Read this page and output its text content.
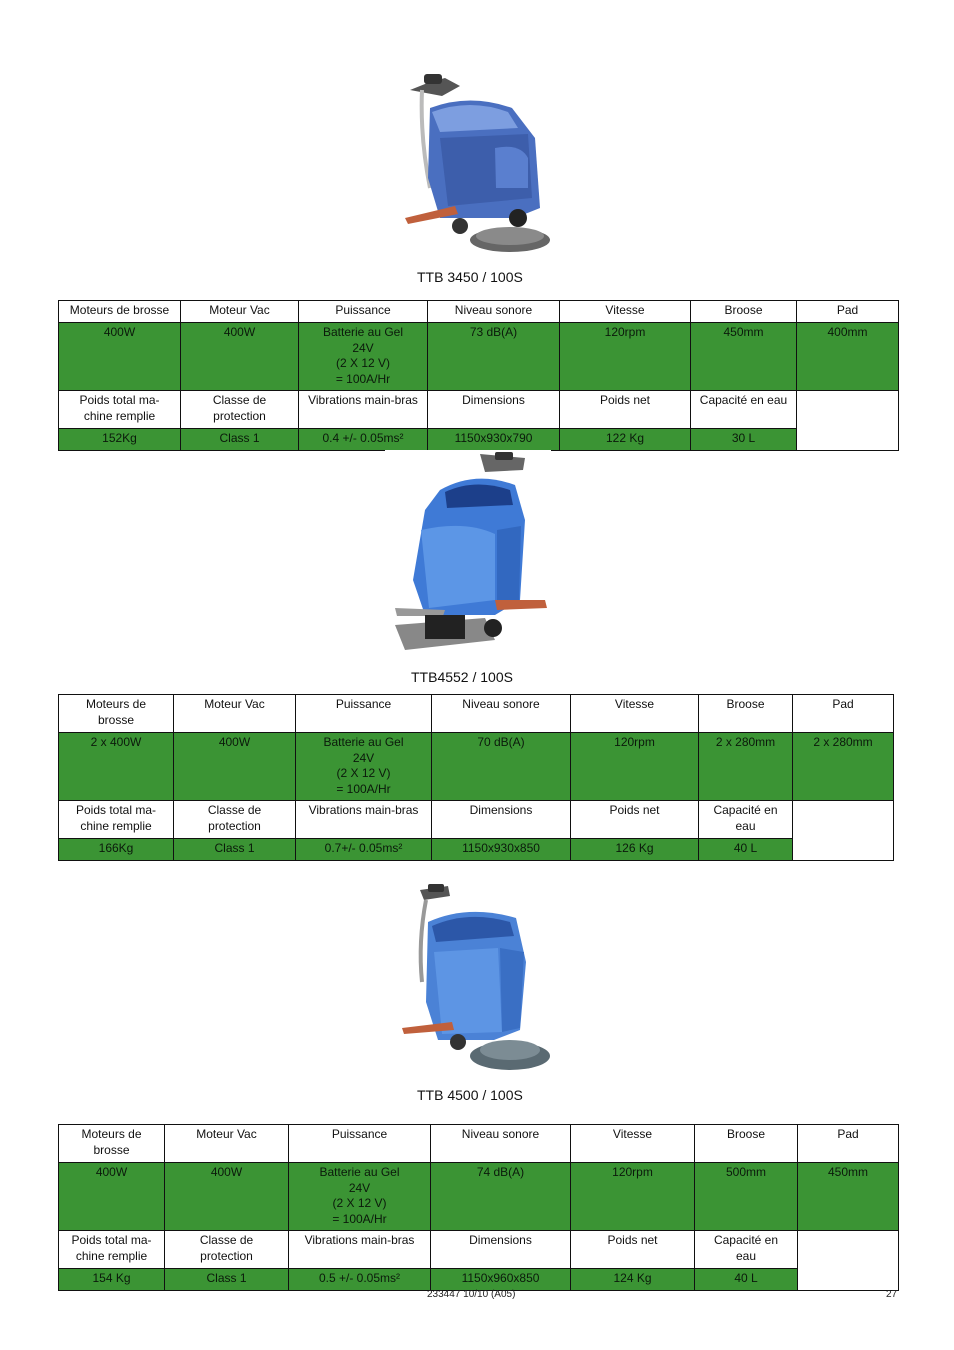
TTB 3450 / 100S
Moteurs de brosse	Moteur Vac	Puissance	Niveau sonore	Vitesse	Broose	Pad
400W	400W	Batterie au Gel
24V
(2 X 12 V)
= 100A/Hr	73 dB(A)	120rpm	450mm	400mm
Poids total ma-
chine remplie	Classe de
protection	Vibrations main-bras	Dimensions	Poids net	Capacité en eau	
152Kg	Class 1	0.4 +/- 0.05ms²	1150x930x790	122 Kg	30 L	
TTB4552 / 100S
Moteurs de
brosse	Moteur Vac	Puissance	Niveau sonore	Vitesse	Broose	Pad
2 x 400W	400W	Batterie au Gel
24V
(2 X 12 V)
= 100A/Hr	70 dB(A)	120rpm	2 x 280mm	2 x 280mm
Poids total ma-
chine remplie	Classe de
protection	Vibrations main-bras	Dimensions	Poids net	Capacité en
eau	
166Kg	Class 1	0.7+/- 0.05ms²	1150x930x850	126 Kg	40 L	
TTB 4500 / 100S
Moteurs de
brosse	Moteur Vac	Puissance	Niveau sonore	Vitesse	Broose	Pad
400W	400W	Batterie au Gel
24V
(2 X 12 V)
= 100A/Hr	74 dB(A)	120rpm	500mm	450mm
Poids total ma-
chine remplie	Classe de
protection	Vibrations main-bras	Dimensions	Poids net	Capacité en
eau	
154 Kg	Class 1	0.5 +/- 0.05ms²	1150x960x850	124 Kg	40 L	
233447 10/10 (A05)	27
